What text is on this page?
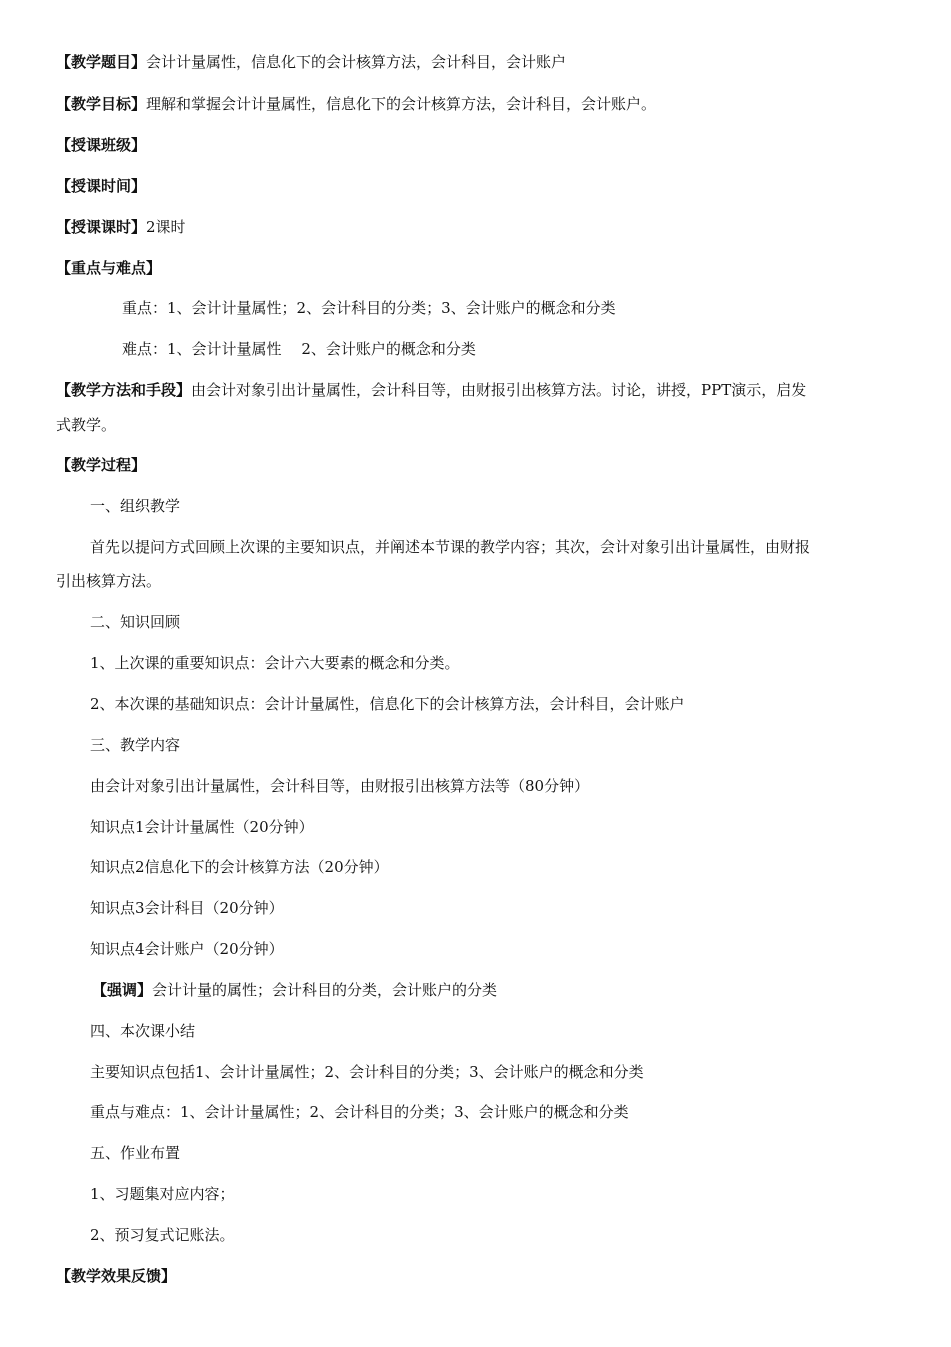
【教学题目】会计计量属性，信息化下的会计核算方法，会计科目，会计账户
【教学目标】理解和掌握会计计量属性，信息化下的会计核算方法，会计科目，会计账户。
【授课班级】
【授课时间】
【授课课时】2课时
【重点与难点】
重点：1、会计计量属性；2、会计科目的分类；3、会计账户的概念和分类
难点：1、会计计量属性　 2、会计账户的概念和分类
【教学方法和手段】由会计对象引出计量属性，会计科目等，由财报引出核算方法。讨论，讲授，PPT演示，启发
式教学。
【教学过程】
一、组织教学
首先以提问方式回顾上次课的主要知识点，并阐述本节课的教学内容；其次，会计对象引出计量属性，由财报
引出核算方法。
二、知识回顾
1、上次课的重要知识点：会计六大要素的概念和分类。
2、本次课的基础知识点：会计计量属性，信息化下的会计核算方法，会计科目，会计账户
三、教学内容
由会计对象引出计量属性，会计科目等，由财报引出核算方法等（80分钟）
知识点1会计计量属性（20分钟）
知识点2信息化下的会计核算方法（20分钟）
知识点3会计科目（20分钟）
知识点4会计账户（20分钟）
【强调】会计计量的属性；会计科目的分类，会计账户的分类
四、本次课小结
主要知识点包括1、会计计量属性；2、会计科目的分类；3、会计账户的概念和分类
重点与难点：1、会计计量属性；2、会计科目的分类；3、会计账户的概念和分类
五、作业布置
1、习题集对应内容；
2、预习复式记账法。
【教学效果反馈】
